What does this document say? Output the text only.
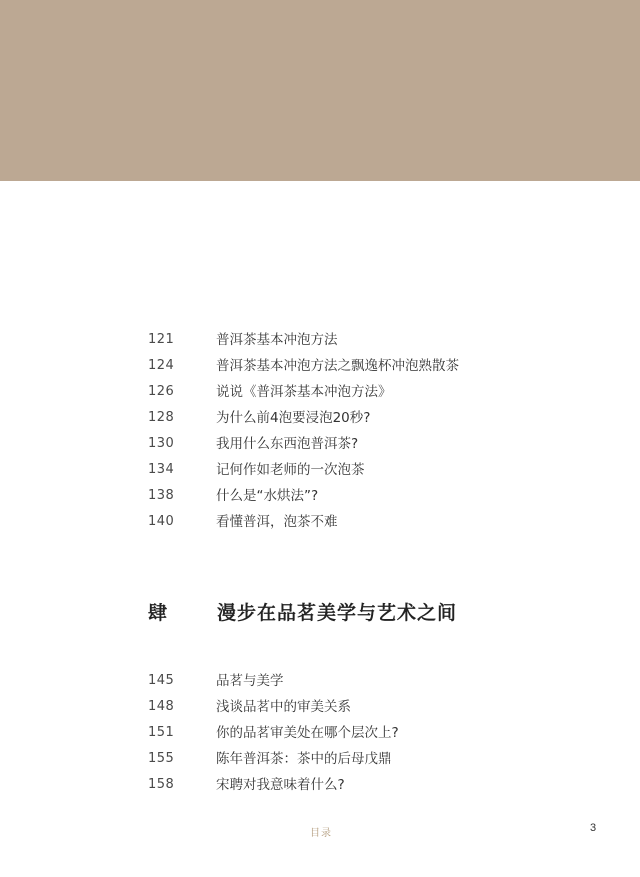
121	普洱茶基本冲泡方法
124	普洱茶基本冲泡方法之飘逸杯冲泡熟散茶
126	说说《普洱茶基本冲泡方法》
128	为什么前4泡要浸泡20秒?
130	我用什么东西泡普洱茶?
134	记何作如老师的一次泡茶
138	什么是“水烘法”?
140	看懂普洱，泡茶不难
肆	漫步在品茗美学与艺术之间
145	品茗与美学
148	浅谈品茗中的审美关系
151	你的品茗审美处在哪个层次上?
155	陈年普洱茶：茶中的后母戊鼎
158	宋聘对我意味着什么?
目录	3
